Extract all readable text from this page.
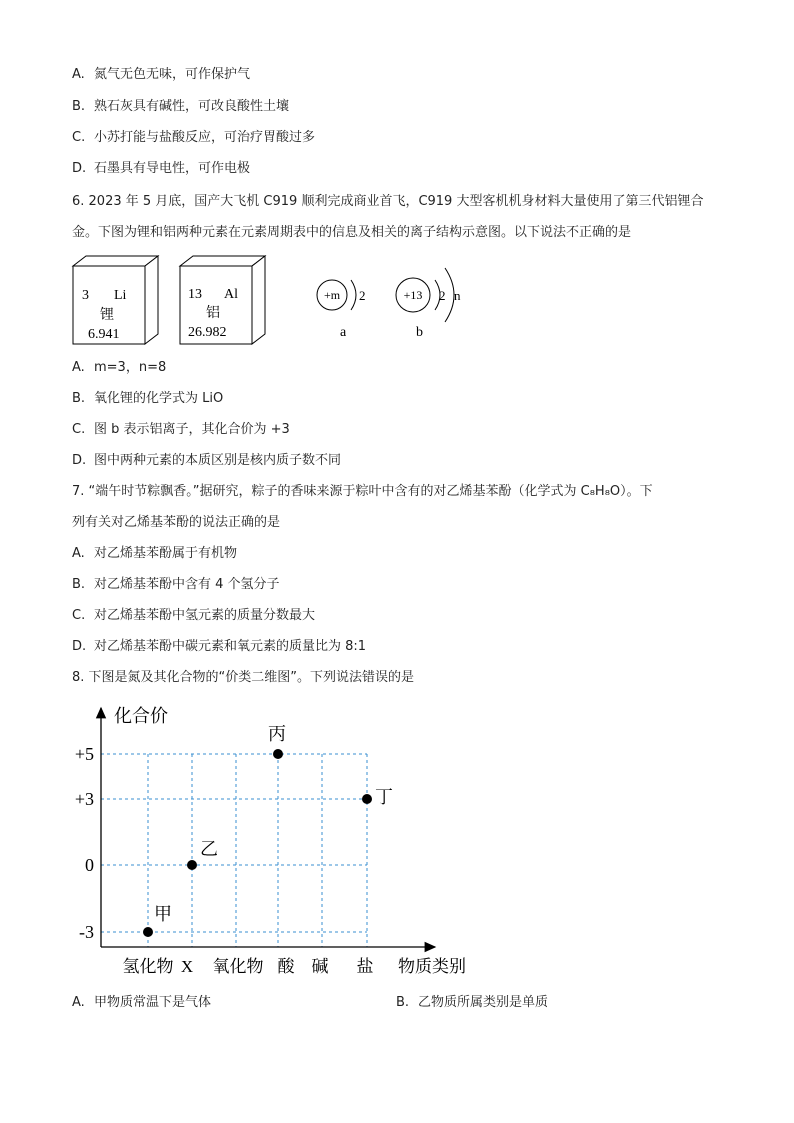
A. 氮气无色无味，可作保护气
B. 熟石灰具有碱性，可改良酸性土壤
C. 小苏打能与盐酸反应，可治疗胃酸过多
D. 石墨具有导电性，可作电极
6. 2023 年 5 月底，国产大飞机 C919 顺利完成商业首飞，C919 大型客机机身材料大量使用了第三代铝锂合金。下图为锂和铝两种元素在元素周期表中的信息及相关的离子结构示意图。以下说法不正确的是
3 Li
锂
6.941
13 Al
铝
26.982
+m 2
a
+13 2 n
b
A. m=3，n=8
B. 氧化锂的化学式为 LiO
C. 图 b 表示铝离子，其化合价为 +3
D. 图中两种元素的本质区别是核内质子数不同
7. “端午时节粽飘香。”据研究，粽子的香味来源于粽叶中含有的对乙烯基苯酚（化学式为 C₈H₈O）。下
列有关对乙烯基苯酚的说法正确的是
A. 对乙烯基苯酚属于有机物
B. 对乙烯基苯酚中含有 4 个氢分子
C. 对乙烯基苯酚中氢元素的质量分数最大
D. 对乙烯基苯酚中碳元素和氧元素的质量比为 8:1
8. 下图是氮及其化合物的“价类二维图”。下列说法错误的是
化合价
物质类别
+5
+3
0
-3
氢化物 X 氧化物 酸 碱 盐
甲
乙
丙
丁
A. 甲物质常温下是气体	B. 乙物质所属类别是单质
